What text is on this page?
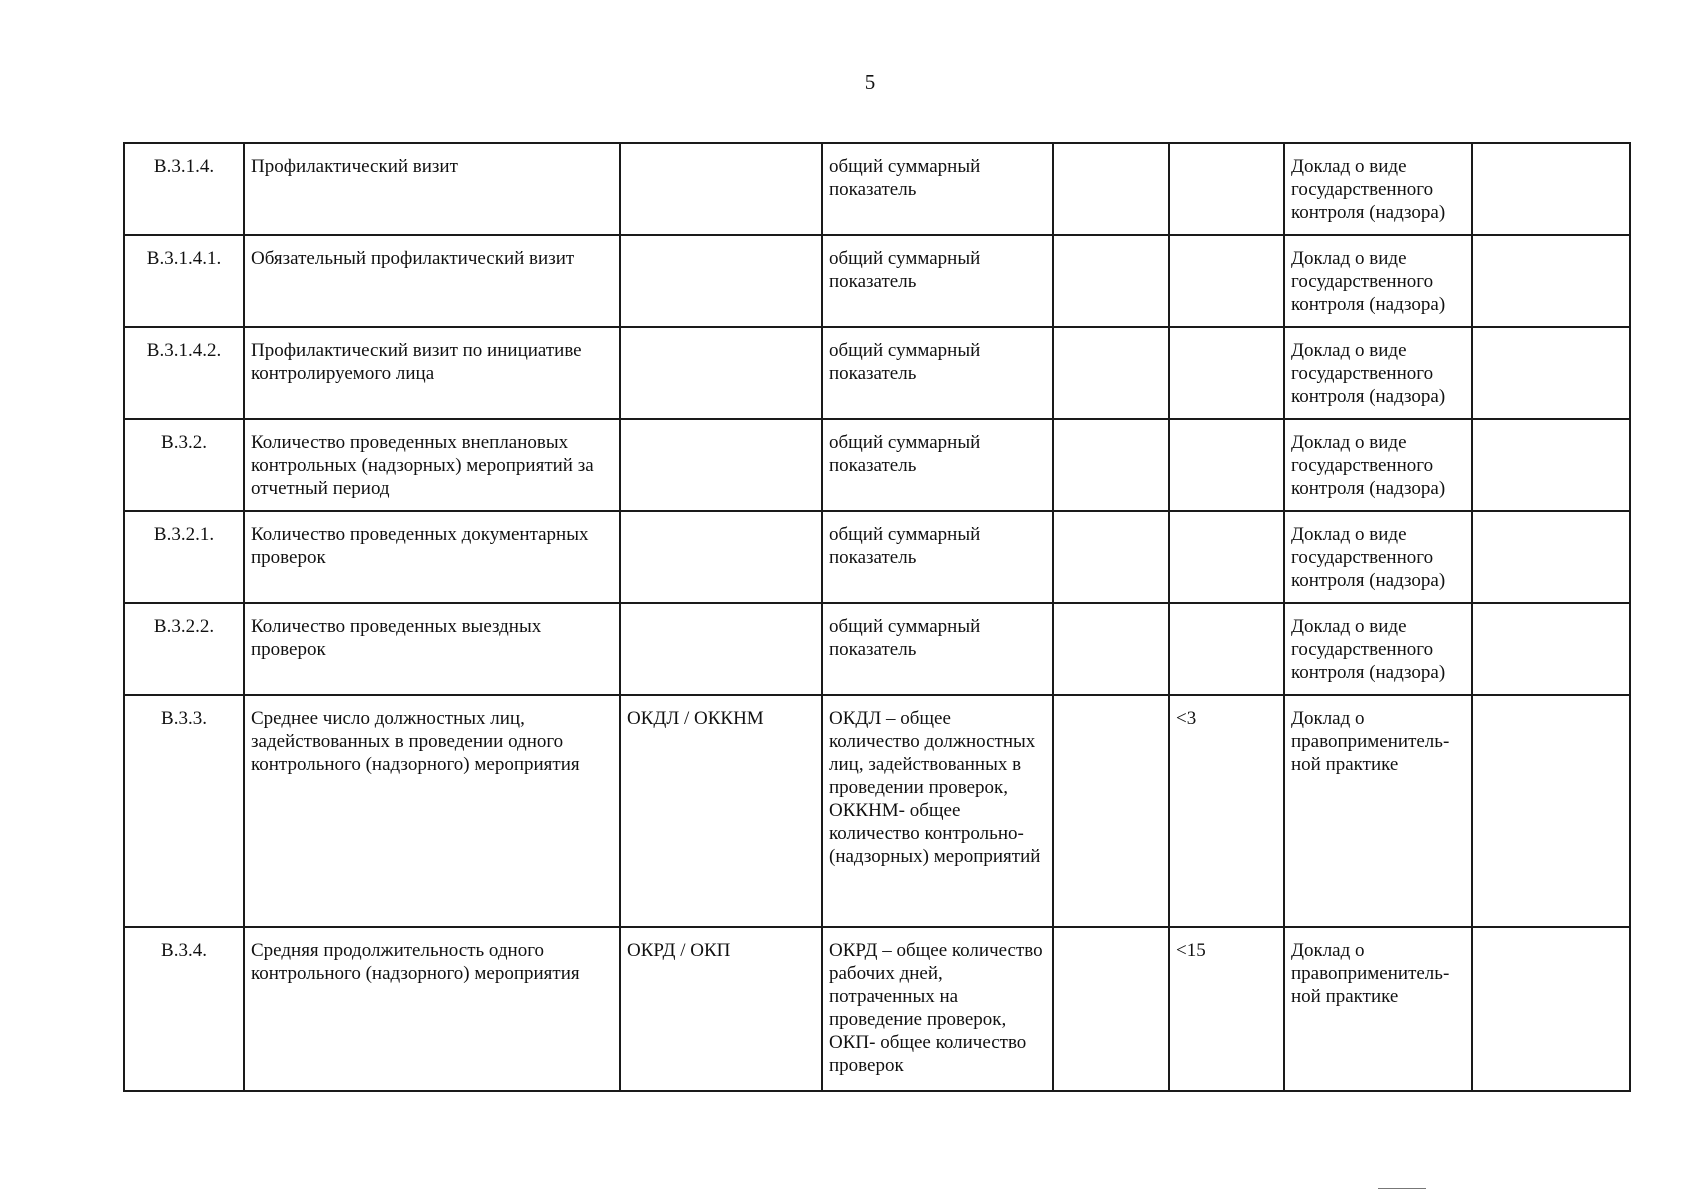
5
В.3.1.4.	Профилактический визит		общий суммарный показатель			Доклад о виде государственного контроля (надзора)	
В.3.1.4.1.	Обязательный профилактический визит		общий суммарный показатель			Доклад о виде государственного контроля (надзора)	
В.3.1.4.2.	Профилактический визит по инициативе контролируемого лица		общий суммарный показатель			Доклад о виде государственного контроля (надзора)	
В.3.2.	Количество проведенных внеплановых контрольных (надзорных) мероприятий за отчетный период		общий суммарный показатель			Доклад о виде государственного контроля (надзора)	
В.3.2.1.	Количество проведенных документарных проверок		общий суммарный показатель			Доклад о виде государственного контроля (надзора)	
В.3.2.2.	Количество проведенных выездных проверок		общий суммарный показатель			Доклад о виде государственного контроля (надзора)	
В.3.3.	Среднее число должностных лиц, задействованных в проведении одного контрольного (надзорного) мероприятия	ОКДЛ / ОККНМ	ОКДЛ – общее количество должностных лиц, задействованных в проведении проверок, ОККНМ- общее количество контрольно-(надзорных) мероприятий		<3	Доклад о правоприменитель-ной практике	
В.3.4.	Средняя продолжительность одного контрольного (надзорного) мероприятия	ОКРД / ОКП	ОКРД – общее количество рабочих дней, потраченных на проведение проверок, ОКП- общее количество проверок		<15	Доклад о правоприменитель-ной практике	
